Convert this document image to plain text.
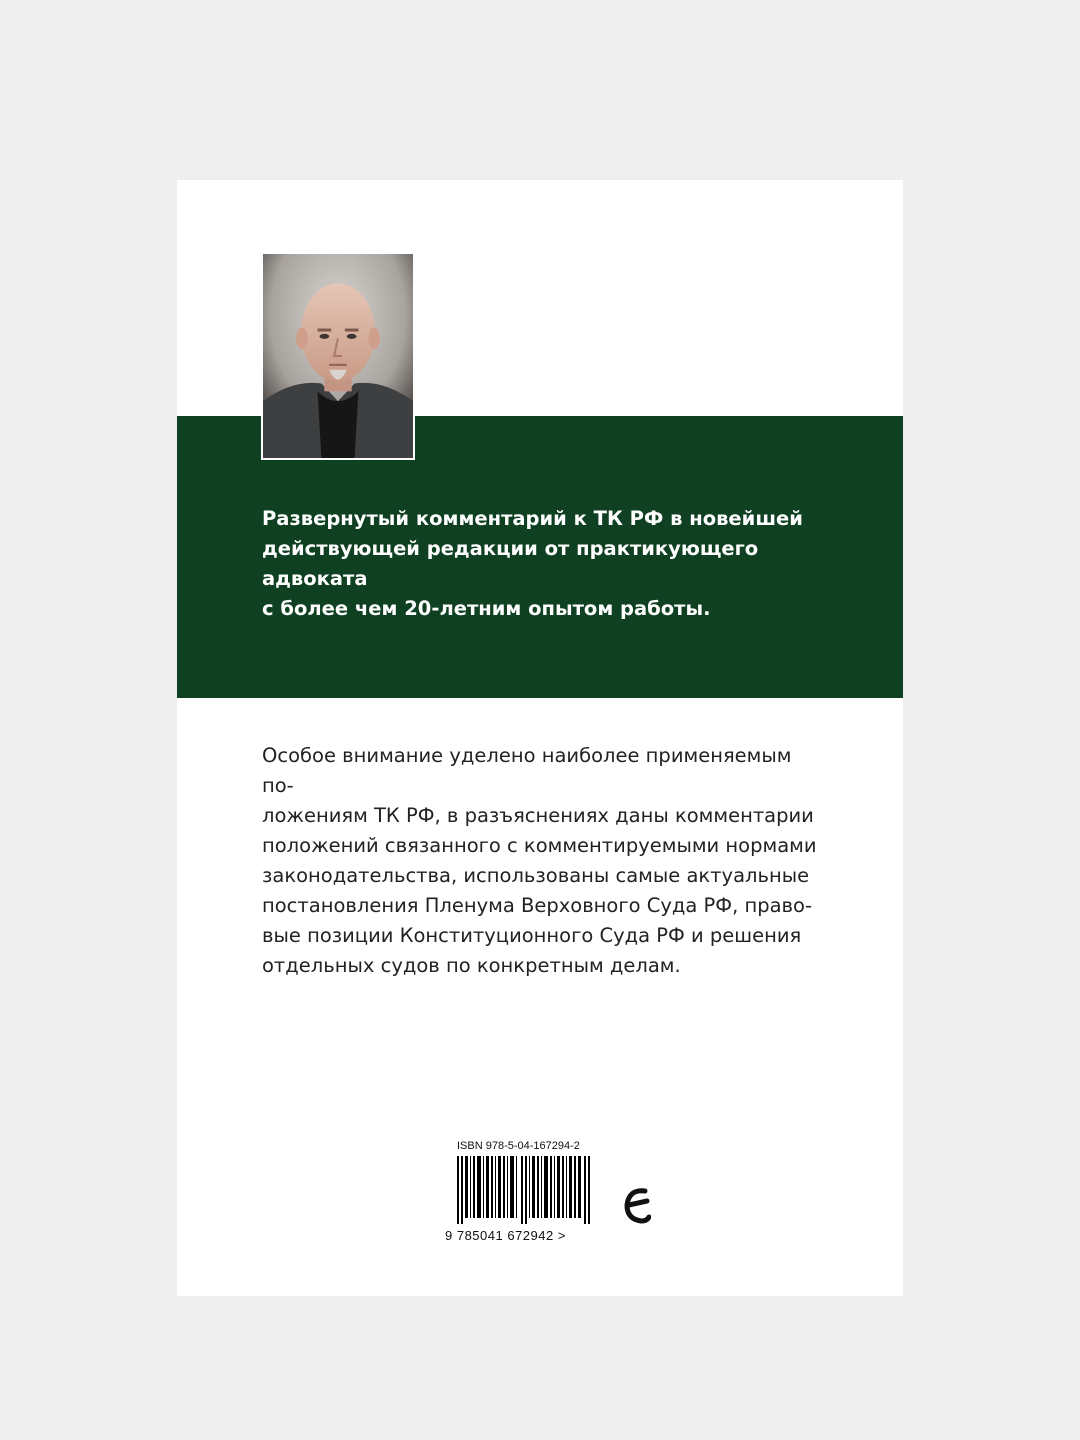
Развернутый комментарий к ТК РФ в новейшей
действующей редакции от практикующего адвоката
с более чем 20-летним опытом работы.
Особое внимание уделено наиболее применяемым по-
ложениям ТК РФ, в разъяснениях даны комментарии
положений связанного с комментируемыми нормами
законодательства, использованы самые актуальные
постановления Пленума Верховного Суда РФ, право-
вые позиции Конституционного Суда РФ и решения
отдельных судов по конкретным делам.
ISBN 978-5-04-167294-2
9 785041 672942 >
